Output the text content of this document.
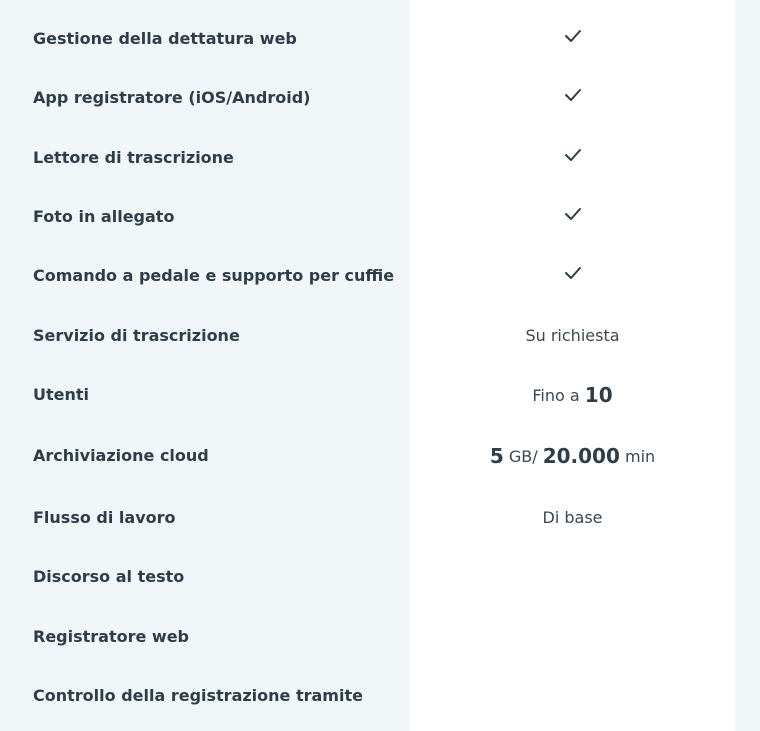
Gestione della dettatura web
App registratore (iOS/Android)
Lettore di trascrizione
Foto in allegato
Comando a pedale e supporto per cuffie
Servizio di trascrizione
Utenti
Archiviazione cloud
Flusso di lavoro
Discorso al testo
Registratore web
Controllo della registrazione tramite
Su richiesta
Fino a
10
5
GB/
20.000
min
Di base
